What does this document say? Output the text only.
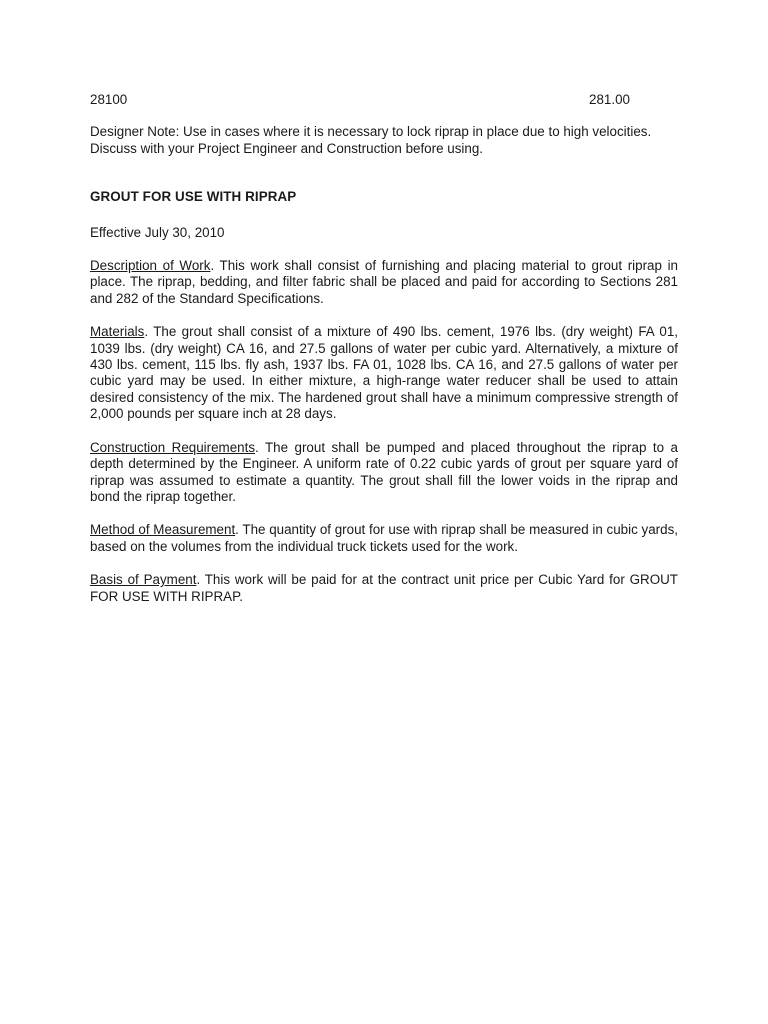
28100	281.00

Designer Note: Use in cases where it is necessary to lock riprap in place due to high velocities. Discuss with your Project Engineer and Construction before using.

GROUT FOR USE WITH RIPRAP

Effective July 30, 2010

Description of Work. This work shall consist of furnishing and placing material to grout riprap in place. The riprap, bedding, and filter fabric shall be placed and paid for according to Sections 281 and 282 of the Standard Specifications.

Materials. The grout shall consist of a mixture of 490 lbs. cement, 1976 lbs. (dry weight) FA 01, 1039 lbs. (dry weight) CA 16, and 27.5 gallons of water per cubic yard. Alternatively, a mixture of 430 lbs. cement, 115 lbs. fly ash, 1937 lbs. FA 01, 1028 lbs. CA 16, and 27.5 gallons of water per cubic yard may be used. In either mixture, a high-range water reducer shall be used to attain desired consistency of the mix. The hardened grout shall have a minimum compressive strength of 2,000 pounds per square inch at 28 days.

Construction Requirements. The grout shall be pumped and placed throughout the riprap to a depth determined by the Engineer. A uniform rate of 0.22 cubic yards of grout per square yard of riprap was assumed to estimate a quantity. The grout shall fill the lower voids in the riprap and bond the riprap together.

Method of Measurement. The quantity of grout for use with riprap shall be measured in cubic yards, based on the volumes from the individual truck tickets used for the work.

Basis of Payment. This work will be paid for at the contract unit price per Cubic Yard for GROUT FOR USE WITH RIPRAP.
